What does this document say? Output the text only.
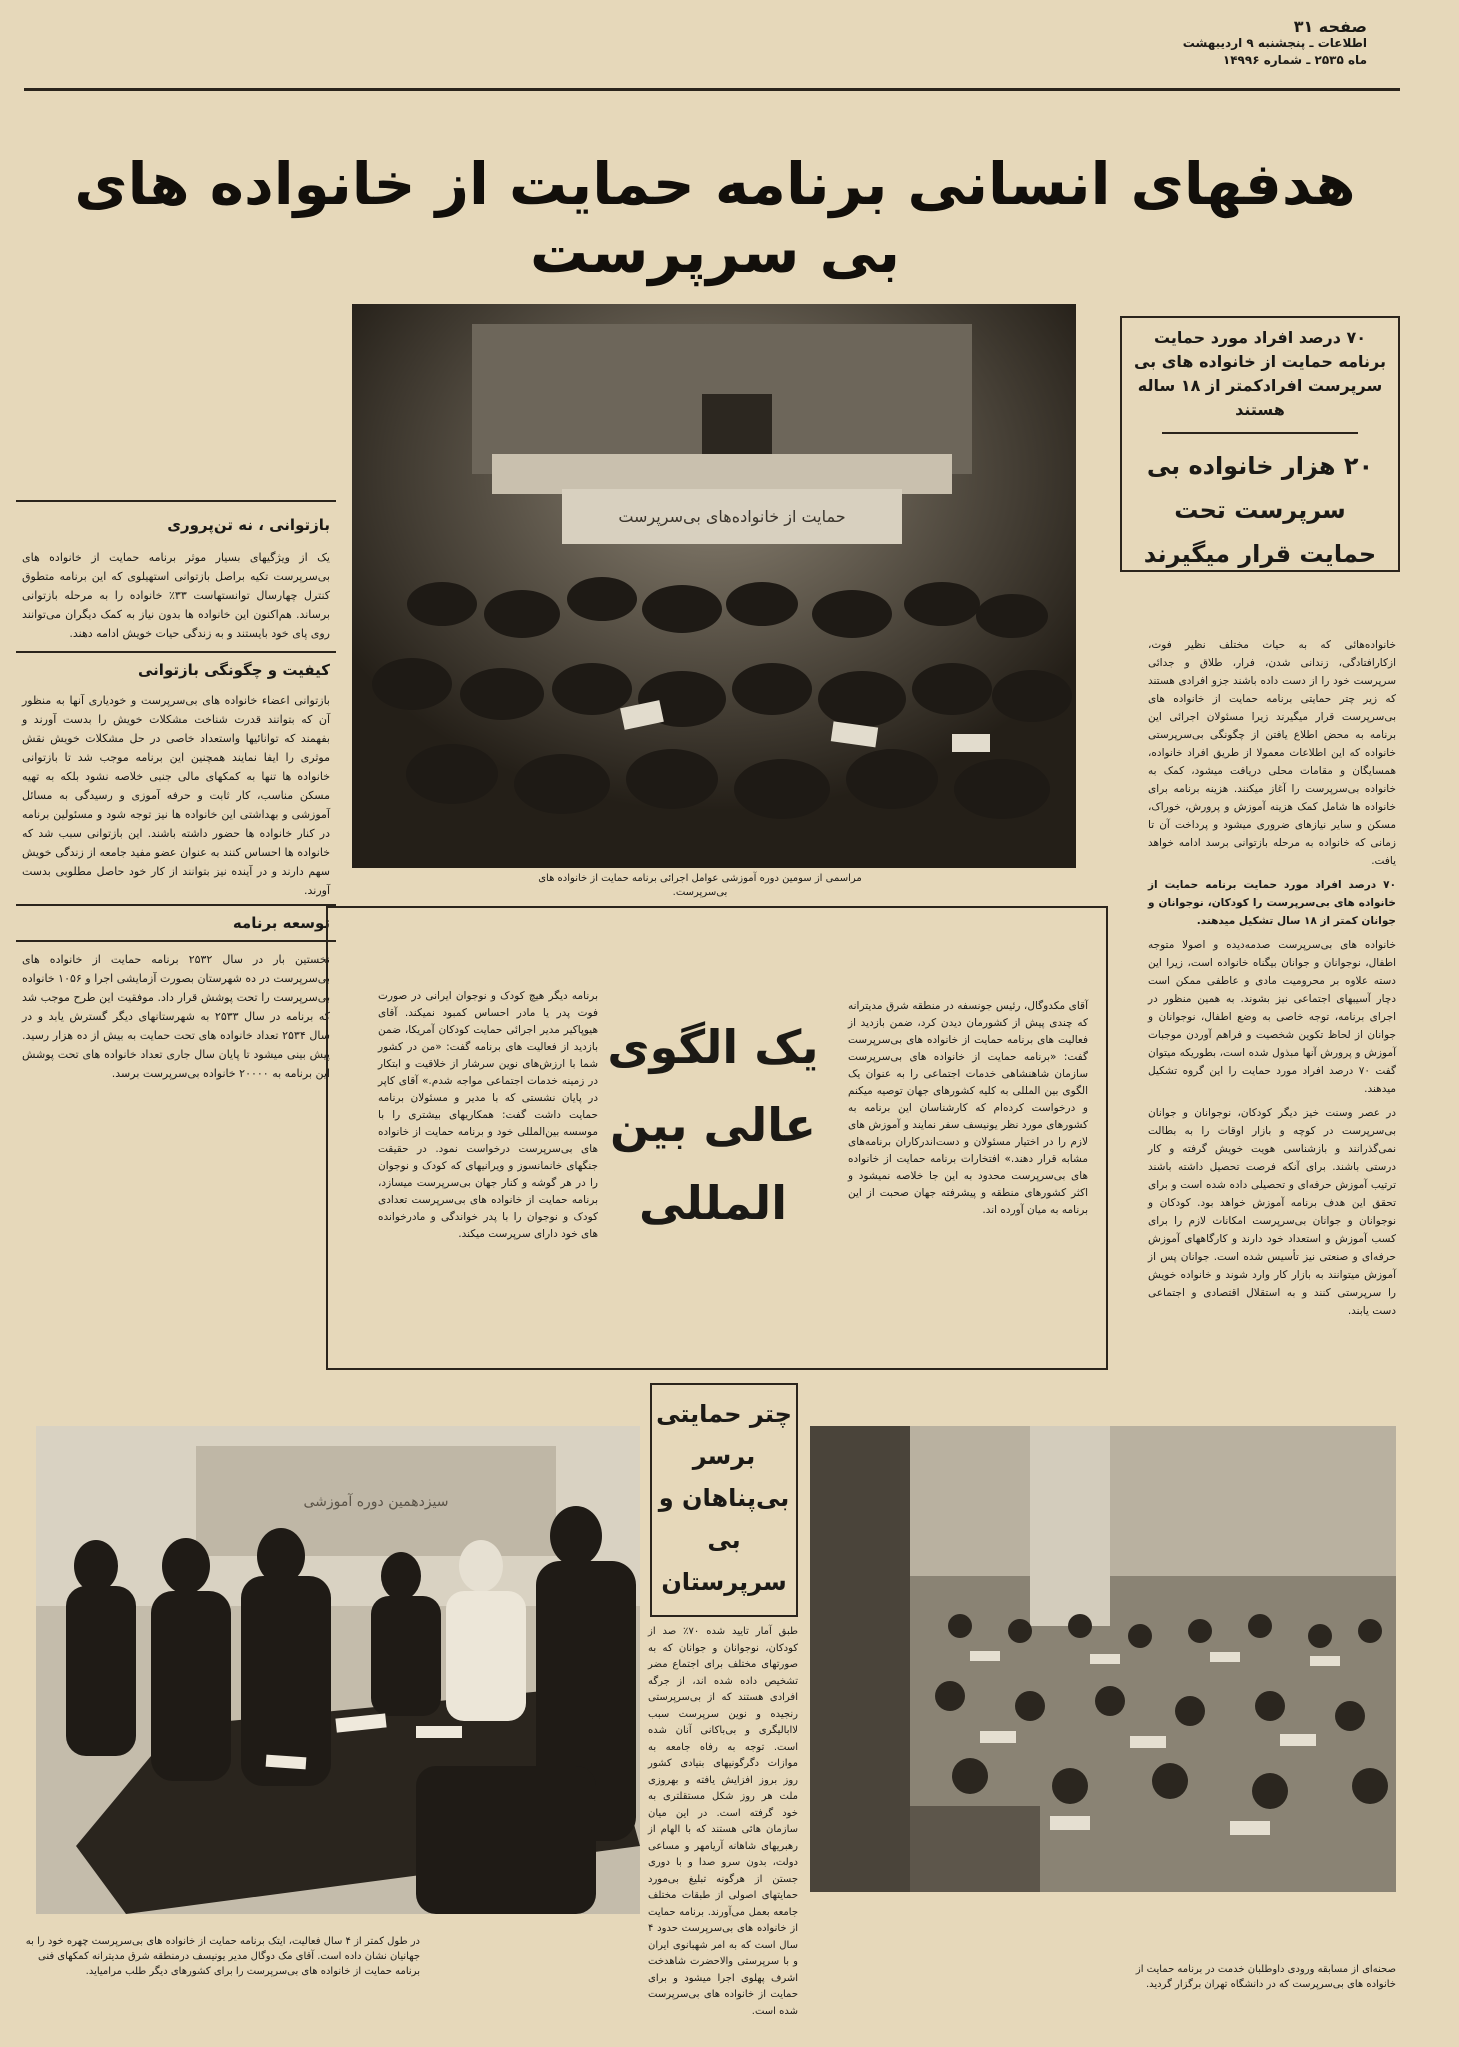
صفحه ۳۱
اطلاعات ـ پنجشنبه ۹ اردیبهشت
ماه ۲۵۳۵ ـ شماره ۱۴۹۹۶
هدفهای انسانی برنامه حمایت از خانواده های بی سرپرست
حمایت از خانواده‌های بی‌سرپرست
مراسمی از سومین دوره آموزشی عوامل اجرائی برنامه حمایت از خانواده های بی‌سرپرست.
۷۰ درصد افراد مورد حمایت برنامه حمایت از خانواده های بی سرپرست افرادکمتر از ۱۸ ساله هستند
۲۰ هزار خانواده بی سرپرست تحت حمایت قرار میگیرند
بازتوانی ، نه تن‌پروری

یک از ویژگیهای بسیار موثر برنامه حمایت از خانواده های بی‌سرپرست تکیه براصل بازتوانی استهیلوی که این برنامه متطوق کنترل چهارسال توانستهاست ۳۳٪ خانواده را به مرحله بازتوانی برساند. هم‌اکنون این خانواده ها بدون نیاز به کمک دیگران می‌توانند روی پای خود بایستند و به زندگی حیات خویش ادامه دهند.

کیفیت و چگونگی بازتوانی

بازتوانی اعضاء خانواده های بی‌سرپرست و خودیاری آنها به منظور آن که بتوانند قدرت شناخت مشکلات خویش را بدست آورند و بفهمند که توانائیها واستعداد خاصی در حل مشکلات خویش نقش موثری را ایفا نمایند همچنین این برنامه موجب شد تا بازتوانی خانواده ها تنها به کمکهای مالی جنبی خلاصه نشود بلکه به تهیه مسکن مناسب، کار ثابت و حرفه آموزی و رسیدگی به مسائل آموزشی و بهداشتی این خانواده ها نیز توجه شود و مسئولین برنامه در کنار خانواده ها حضور داشته باشند. این بازتوانی سبب شد که خانواده ها احساس کنند به عنوان عضو مفید جامعه از زندگی خویش سهم دارند و در آینده نیز بتوانند از کار خود حاصل مطلوبی بدست آورند.

توسعه برنامه

نخستین بار در سال ۲۵۳۲ برنامه حمایت از خانواده های بی‌سرپرست در ده شهرستان بصورت آزمایشی اجرا و ۱۰۵۶ خانواده بی‌سرپرست را تحت پوشش قرار داد. موفقیت این طرح موجب شد که برنامه در سال ۲۵۳۳ به شهرستانهای دیگر گسترش یابد و در سال ۲۵۳۴ تعداد خانواده های تحت حمایت به بیش از ده هزار رسید. پیش بینی میشود تا پایان سال جاری تعداد خانواده های تحت پوشش این برنامه به ۲۰۰۰۰ خانواده بی‌سرپرست برسد.

خانواده‌هائی که به حیات مختلف نظیر فوت، ازکارافتادگی، زندانی شدن، فرار، طلاق و جدائی سرپرست خود را از دست داده باشند جزو افرادی هستند که زیر چتر حمایتی برنامه حمایت از خانواده های بی‌سرپرست قرار میگیرند زیرا مسئولان اجرائی این برنامه به محض اطلاع یافتن از چگونگی بی‌سرپرستی خانواده که این اطلاعات معمولا از طریق افراد خانواده، همسایگان و مقامات محلی دریافت میشود، کمک به خانواده بی‌سرپرست را آغاز میکنند. هزینه برنامه برای خانواده ها شامل کمک هزینه آموزش و پرورش، خوراک، مسکن و سایر نیازهای ضروری میشود و پرداخت آن تا زمانی که خانواده به مرحله بازتوانی برسد ادامه خواهد یافت.

۷۰ درصد افراد مورد حمایت برنامه حمایت از خانواده های بی‌سرپرست را کودکان، نوجوانان و جوانان کمتر از ۱۸ سال تشکیل میدهند.

خانواده های بی‌سرپرست صدمه‌دیده و اصولا متوجه اطفال، نوجوانان و جوانان بیگناه خانواده است، زیرا این دسته علاوه بر محرومیت مادی و عاطفی ممکن است دچار آسیبهای اجتماعی نیز بشوند. به همین منظور در اجرای برنامه، توجه خاصی به وضع اطفال، نوجوانان و جوانان از لحاظ تکوین شخصیت و فراهم آوردن موجبات آموزش و پرورش آنها مبذول شده است، بطوریکه میتوان گفت ۷۰ درصد افراد مورد حمایت را این گروه تشکیل میدهند.

در عصر وسنت خیز دیگر کودکان، نوجوانان و جوانان بی‌سرپرست در کوچه و بازار اوقات را به بطالت نمی‌گذرانند و بازشناسی هویت خویش گرفته و کار درستی باشند. برای آنکه فرصت تحصیل داشته باشند ترتیب آموزش حرفه‌ای و تحصیلی داده شده است و برای تحقق این هدف برنامه آموزش خواهد بود. کودکان و نوجوانان و جوانان بی‌سرپرست امکانات لازم را برای کسب آموزش و استعداد خود دارند و کارگاههای آموزش حرفه‌ای و صنعتی نیز تأسیس شده است. جوانان پس از آموزش میتوانند به بازار کار وارد شوند و خانواده خویش را سرپرستی کنند و به استقلال اقتصادی و اجتماعی دست یابند.

آقای مکدوگال، رئیس جونسفه در منطقه شرق مدیترانه که چندی پیش از کشورمان دیدن کرد، ضمن بازدید از فعالیت های برنامه حمایت از خانواده های بی‌سرپرست گفت: «برنامه حمایت از خانواده های بی‌سرپرست سازمان شاهنشاهی خدمات اجتماعی را به عنوان یک الگوی بین المللی به کلیه کشورهای جهان توصیه میکنم و درخواست کرده‌ام که کارشناسان این برنامه به کشورهای مورد نظر یونیسف سفر نمایند و آموزش های لازم را در اختیار مسئولان و دست‌اندرکاران برنامه‌های مشابه قرار دهند.» افتخارات برنامه حمایت از خانواده های بی‌سرپرست محدود به این جا خلاصه نمیشود و اکثر کشورهای منطقه و پیشرفته جهان صحبت از این برنامه به میان آورده اند.

یک الگوی عالی بین المللی

برنامه دیگر هیچ کودک و نوجوان ایرانی در صورت فوت پدر یا مادر احساس کمبود نمیکند. آقای هیوپاکیر مدیر اجرائی حمایت کودکان آمریکا، ضمن بازدید از فعالیت های برنامه گفت: «من در کشور شما با ارزش‌های نوین سرشار از خلاقیت و ابتکار در زمینه خدمات اجتماعی مواجه شدم.» آقای کاپر در پایان نشستی که با مدیر و مسئولان برنامه حمایت داشت گفت: همکاریهای بیشتری را با موسسه بین‌المللی خود و برنامه حمایت از خانواده های بی‌سرپرست درخواست نمود. در حقیقت جنگهای خانمانسوز و ویرانیهای که کودک و نوجوان را در هر گوشه و کنار جهان بی‌سرپرست میسازد، برنامه حمایت از خانواده های بی‌سرپرست تعدادی کودک و نوجوان را با پدر خواندگی و مادرخوانده های خود دارای سرپرست میکند.

چتر حمایتی برسر بی‌پناهان و بی سرپرستان

طبق آمار تایید شده ۷۰٪ صد از کودکان، نوجوانان و جوانان که به صورتهای مختلف برای اجتماع مضر تشخیص داده شده اند، از جرگه افرادی هستند که از بی‌سرپرستی رنجیده و نوین سرپرست سبب لاابالیگری و بی‌باکانی آنان شده است. توجه به رفاه جامعه به موازات دگرگونیهای بنیادی کشور روز بروز افزایش یافته و بهروزی ملت هر روز شکل مستقلتری به خود گرفته است. در این میان سازمان هائی هستند که با الهام از رهبریهای شاهانه آریامهر و مساعی دولت، بدون سرو صدا و با دوری جستن از هرگونه تبلیغ بی‌مورد حمایتهای اصولی از طبقات مختلف جامعه بعمل می‌آورند. برنامه حمایت از خانواده های بی‌سرپرست حدود ۴ سال است که به امر شهبانوی ایران و با سرپرستی والاحضرت شاهدخت اشرف پهلوی اجرا میشود و برای حمایت از خانواده های بی‌سرپرست شده است.

سیزدهمین دوره آموزشی
در طول کمتر از ۴ سال فعالیت، ایتک برنامه حمایت از خانواده های بی‌سرپرست چهره خود را به جهانیان نشان داده است. آقای مک دوگال مدیر یونیسف درمنطقه شرق مدیترانه کمکهای فنی برنامه حمایت از خانواده های بی‌سرپرست را برای کشورهای دیگر طلب مرامیاید.	صحنه‌ای از مسابقه ورودی داوطلبان خدمت در برنامه حمایت از خانواده های بی‌سرپرست که در دانشگاه تهران برگزار گردید.
